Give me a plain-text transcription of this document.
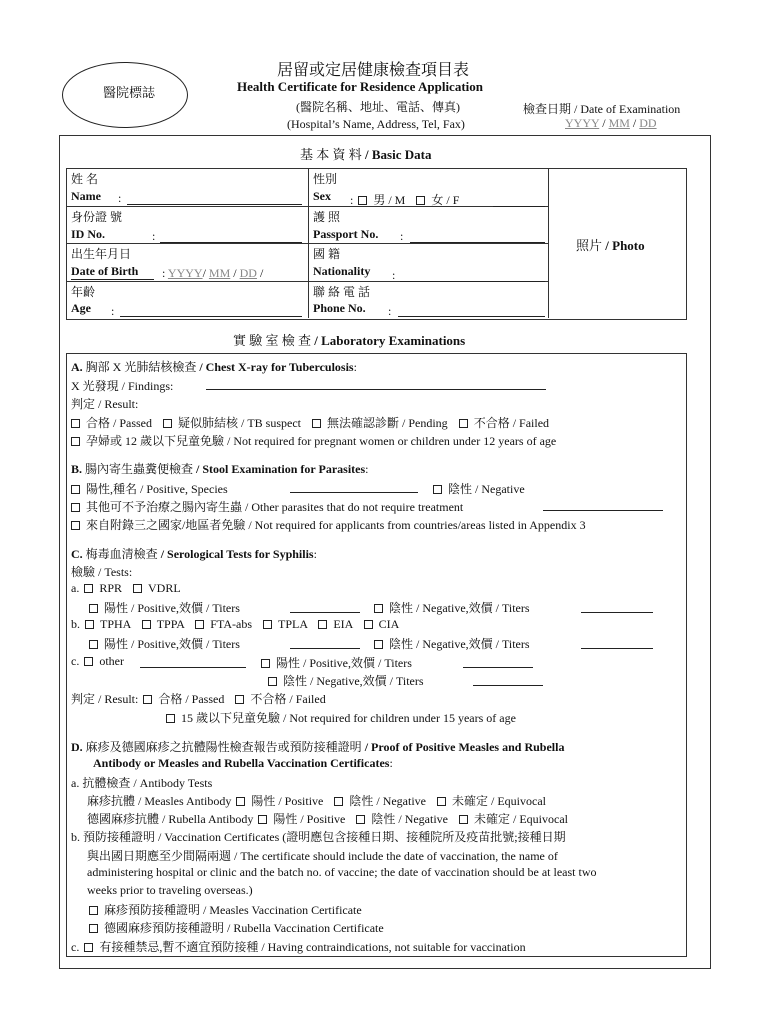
醫院標誌
居留或定居健康檢查項目表
Health Certificate for Residence Application
(醫院名稱、地址、電話、傳真)
(Hospital’s Name, Address, Tel, Fax)
檢查日期 / Date of Examination
YYYY / MM / DD
基 本 資 料 / Basic Data
姓 名
Name :
性別
Sex : 男 / M 女 / F
身份證 號
ID No.	:
護 照
Passport No. :
出生年月日
Date of Birth : YYYY/ MM / DD /
國 籍
Nationality :
年齡
Age :
聯 絡 電 話
Phone No. :
照片 / Photo
實 驗 室 檢 查 / Laboratory Examinations
A. 胸部 X 光肺結核檢查 / Chest X-ray for Tuberculosis:
X 光發現 / Findings:
判定 / Result:
合格 / Passed 疑似肺結核 / TB suspect 無法確認診斷 / Pending 不合格 / Failed
孕婦或 12 歲以下兒童免驗 / Not required for pregnant women or children under 12 years of age
B. 腸內寄生蟲糞便檢查 / Stool Examination for Parasites:
陽性,種名 / Positive, Species	陰性 / Negative
其他可不予治療之腸內寄生蟲 / Other parasites that do not require treatment
來自附錄三之國家/地區者免驗 / Not required for applicants from countries/areas listed in Appendix 3
C. 梅毒血清檢查 / Serological Tests for Syphilis:
檢驗 / Tests:
a. RPR VDRL
陽性 / Positive,效價 / Titers	陰性 / Negative,效價 / Titers
b. TPHA TPPA FTA-abs TPLA EIA CIA
陽性 / Positive,效價 / Titers	陰性 / Negative,效價 / Titers
c. other	陽性 / Positive,效價 / Titers
陰性 / Negative,效價 / Titers
判定 / Result: 合格 / Passed 不合格 / Failed
15 歲以下兒童免驗 / Not required for children under 15 years of age
D. 麻疹及德國麻疹之抗體陽性檢查報告或預防接種證明 / Proof of Positive Measles and Rubella
Antibody or Measles and Rubella Vaccination Certificates:
a. 抗體檢查 / Antibody Tests
麻疹抗體 / Measles Antibody 陽性 / Positive 陰性 / Negative 未確定 / Equivocal
德國麻疹抗體 / Rubella Antibody 陽性 / Positive 陰性 / Negative 未確定 / Equivocal
b. 預防接種證明 / Vaccination Certificates (證明應包含接種日期、接種院所及疫苗批號;接種日期
與出國日期應至少間隔兩週 / The certificate should include the date of vaccination, the name of
administering hospital or clinic and the batch no. of vaccine; the date of vaccination should be at least two
weeks prior to traveling overseas.)
麻疹預防接種證明 / Measles Vaccination Certificate
德國麻疹預防接種證明 / Rubella Vaccination Certificate
c. 有接種禁忌,暫不適宜預防接種 / Having contraindications, not suitable for vaccination
